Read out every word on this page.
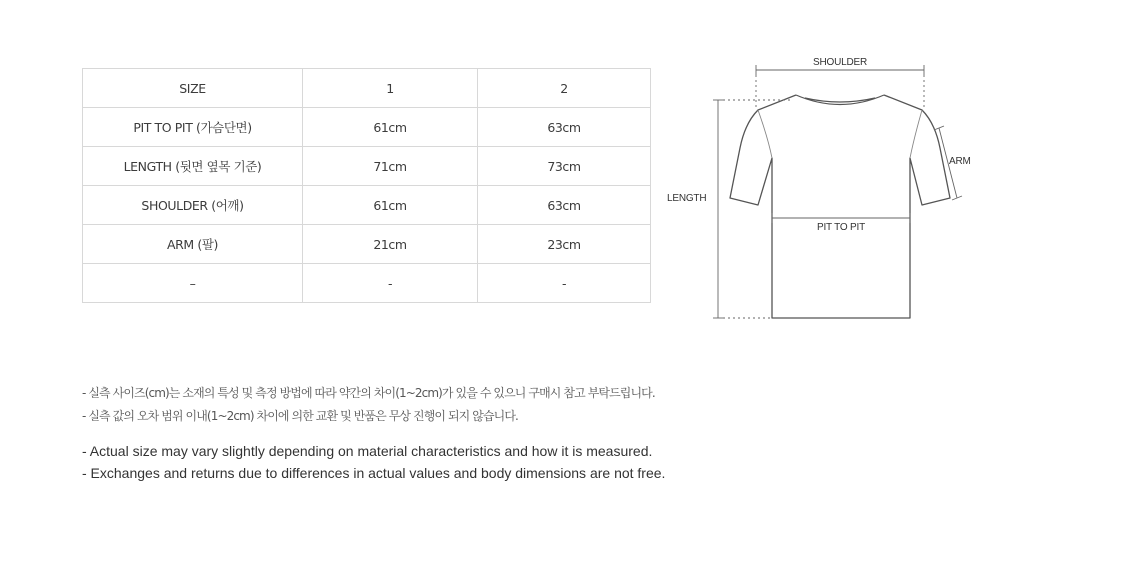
SIZE	1	2
PIT TO PIT (가슴단면)	61cm	63cm
LENGTH (뒷면 옆목 기준)	71cm	73cm
SHOULDER (어깨)	61cm	63cm
ARM (팔)	21cm	23cm
–	-	-
SHOULDER
ARM
LENGTH
PIT TO PIT
- 실측 사이즈(cm)는 소재의 특성 및 측정 방법에 따라 약간의 차이(1~2cm)가 있을 수 있으니 구매시 참고 부탁드립니다.
- 실측 값의 오차 범위 이내(1~2cm) 차이에 의한 교환 및 반품은 무상 진행이 되지 않습니다.
- Actual size may vary slightly depending on material characteristics and how it is measured.
- Exchanges and returns due to differences in actual values and body dimensions are not free.
